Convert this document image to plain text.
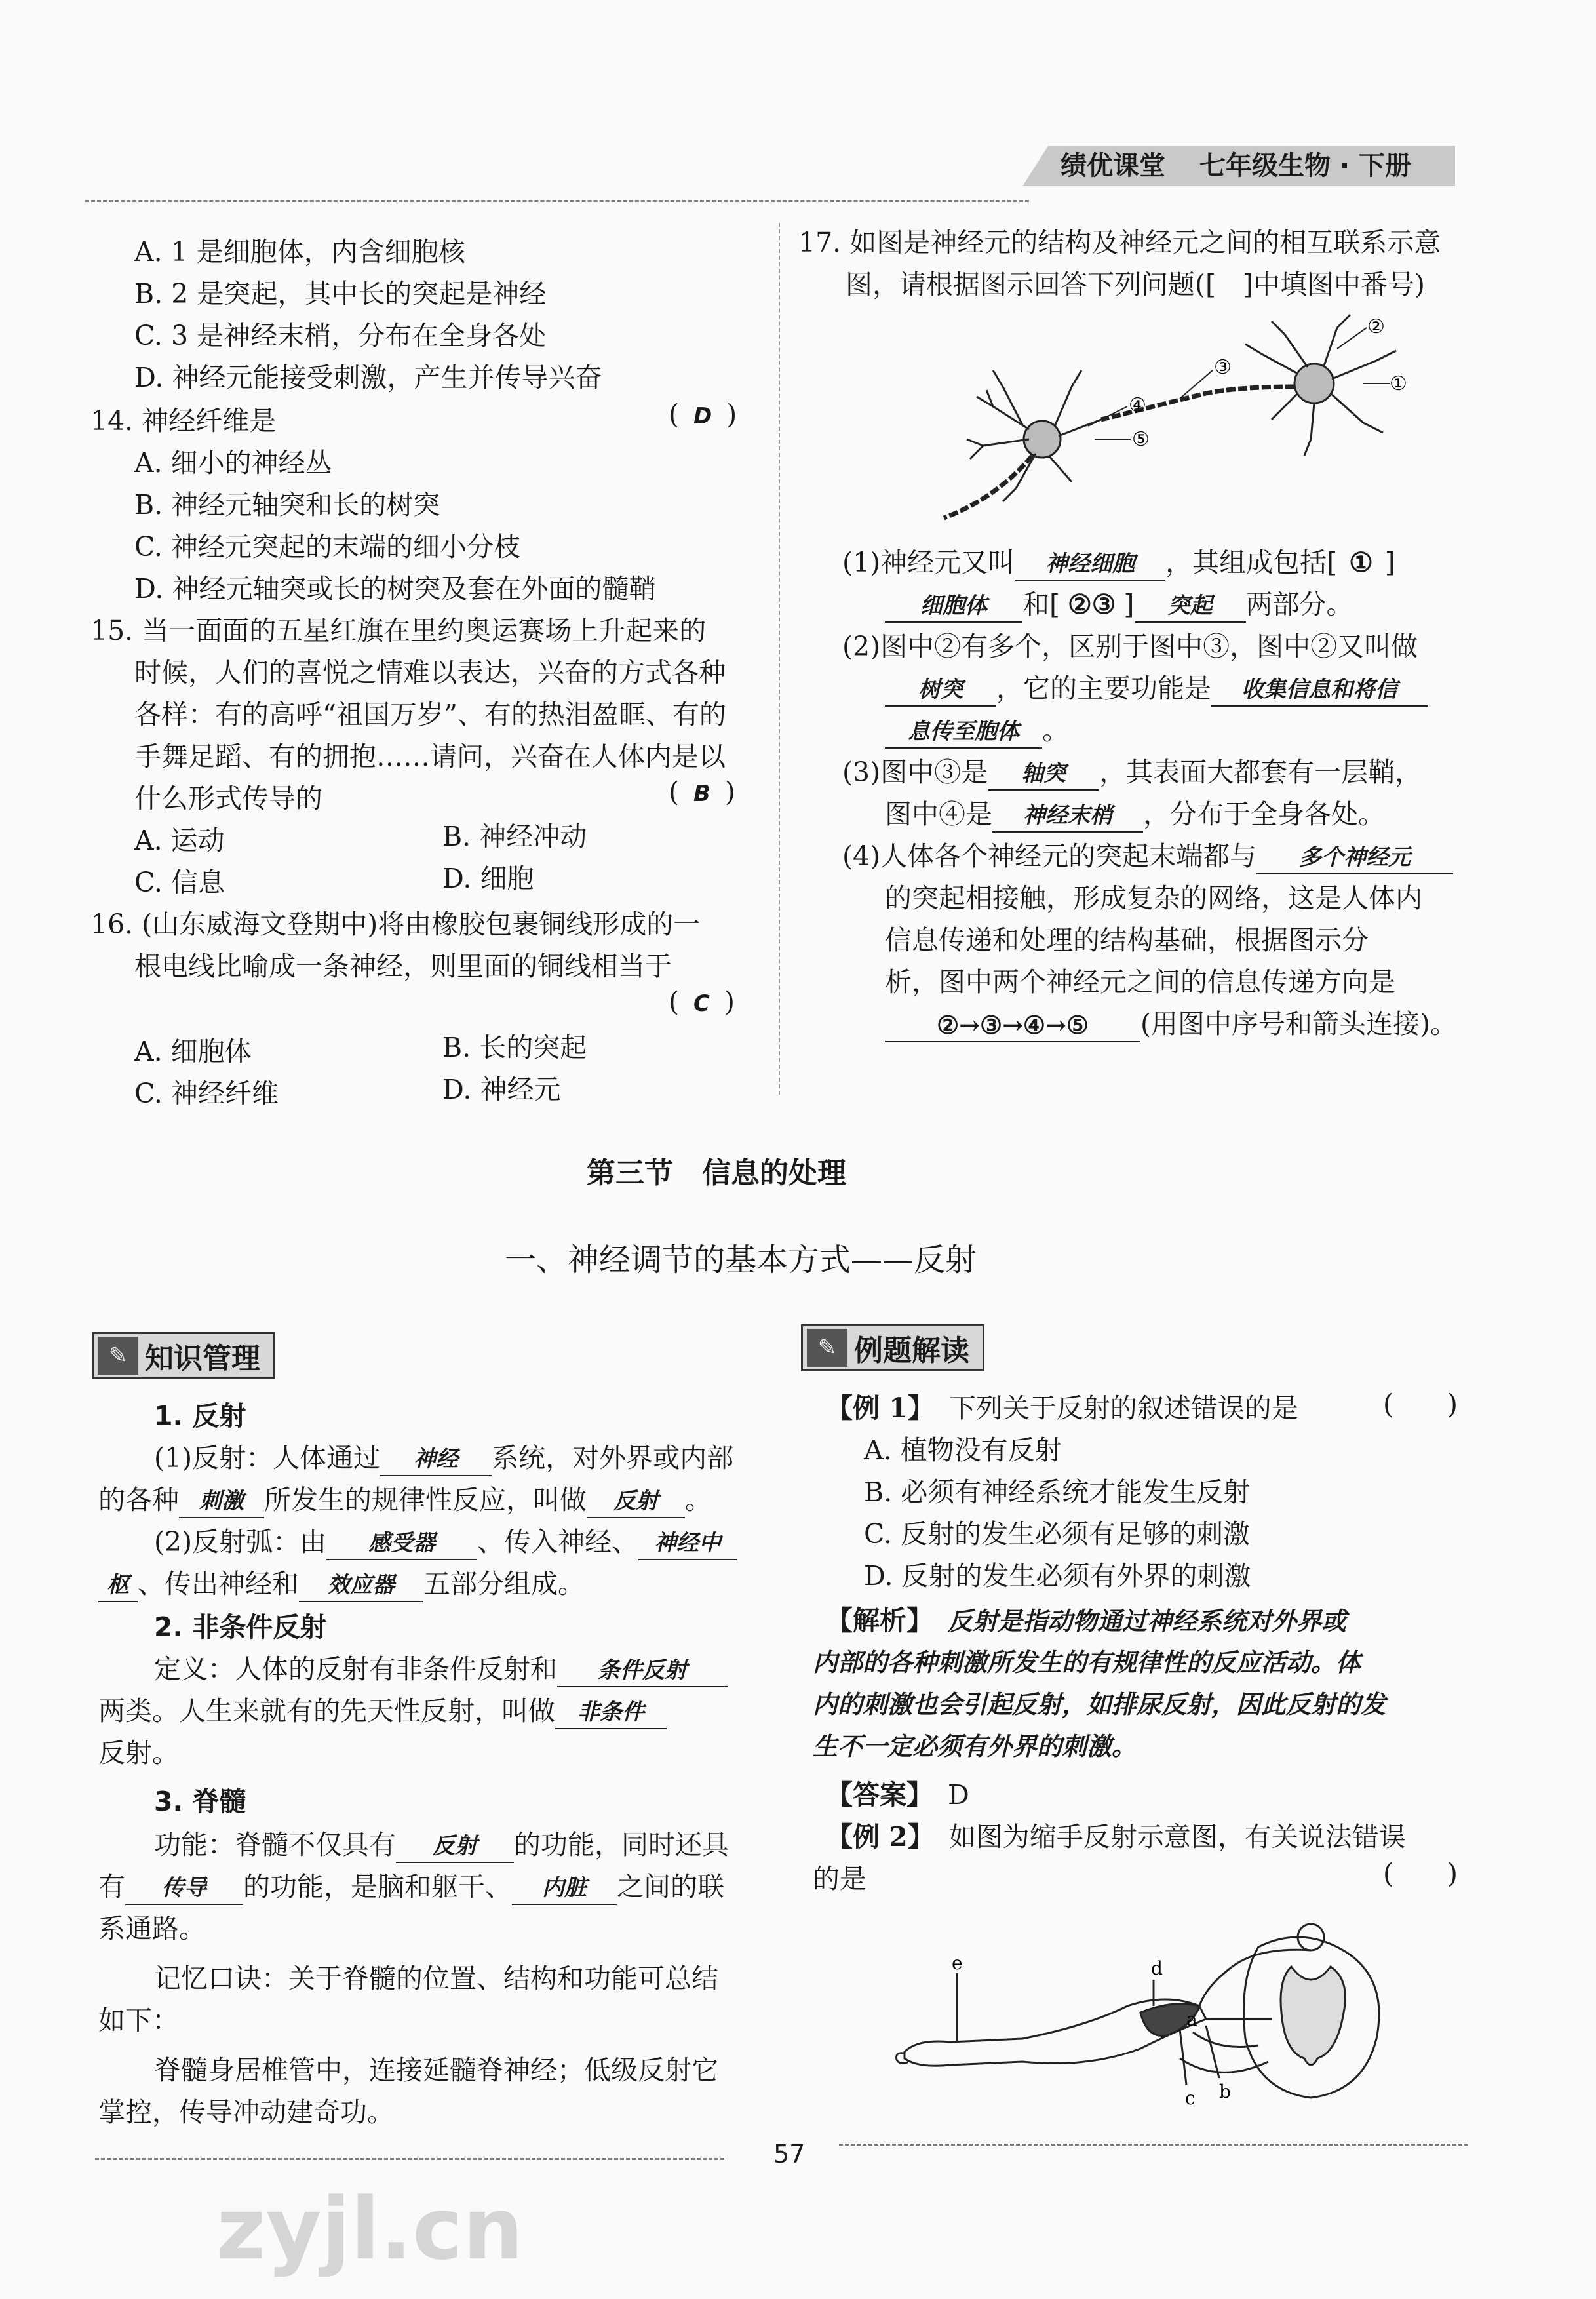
绩优课堂 七年级生物 · 下册
A. 1 是细胞体，内含细胞核
B. 2 是突起，其中长的突起是神经
C. 3 是神经末梢，分布在全身各处
D. 神经元能接受刺激，产生并传导兴奋
14. 神经纤维是	( D )
A. 细小的神经丛
B. 神经元轴突和长的树突
C. 神经元突起的末端的细小分枝
D. 神经元轴突或长的树突及套在外面的髓鞘
15. 当一面面的五星红旗在里约奥运赛场上升起来的
时候，人们的喜悦之情难以表达，兴奋的方式各种
各样：有的高呼“祖国万岁”、有的热泪盈眶、有的
手舞足蹈、有的拥抱……请问，兴奋在人体内是以
什么形式传导的	( B )
A. 运动	B. 神经冲动
C. 信息	D. 细胞
16. (山东威海文登期中)将由橡胶包裹铜线形成的一
根电线比喻成一条神经，则里面的铜线相当于
( C )
A. 细胞体	B. 长的突起
C. 神经纤维	D. 神经元
17. 如图是神经元的结构及神经元之间的相互联系示意
图，请根据图示回答下列问题([　]中填图中番号)
②
③
①
④
⑤
(1)神经元又叫 神经细胞 ，其组成包括[ ① ]
细胞体 和[ ②③ ] 突起 两部分。
(2)图中②有多个，区别于图中③，图中②又叫做
树突 ，它的主要功能是 收集信息和将信
息传至胞体 。
(3)图中③是 轴突 ，其表面大都套有一层鞘，
图中④是 神经末梢 ，分布于全身各处。
(4)人体各个神经元的突起末端都与 多个神经元
的突起相接触，形成复杂的网络，这是人体内
信息传递和处理的结构基础，根据图示分
析，图中两个神经元之间的信息传递方向是
②→③→④→⑤ (用图中序号和箭头连接)。
第三节　信息的处理
一、神经调节的基本方式——反射
✎ 知识管理
1. 反射
(1)反射：人体通过 神经 系统，对外界或内部
的各种 刺激 所发生的规律性反应，叫做 反射 。
(2)反射弧：由 感受器 、传入神经、 神经中
枢 、传出神经和 效应器 五部分组成。
2. 非条件反射
定义：人体的反射有非条件反射和 条件反射
两类。人生来就有的先天性反射，叫做 非条件
反射。
3. 脊髓
功能：脊髓不仅具有 反射 的功能，同时还具
有 传导 的功能，是脑和躯干、 内脏 之间的联
系通路。
记忆口诀：关于脊髓的位置、结构和功能可总结
如下：
脊髓身居椎管中，连接延髓脊神经；低级反射它
掌控，传导冲动建奇功。
✎ 例题解读
【例 1】 下列关于反射的叙述错误的是	(　　)
A. 植物没有反射
B. 必须有神经系统才能发生反射
C. 反射的发生必须有足够的刺激
D. 反射的发生必须有外界的刺激
【解析】 反射是指动物通过神经系统对外界或
内部的各种刺激所发生的有规律性的反应活动。体
内的刺激也会引起反射，如排尿反射，因此反射的发
生不一定必须有外界的刺激。
【答案】 D
【例 2】 如图为缩手反射示意图，有关说法错误
的是	(　　)
d
e
a
b
c
57
zyjl.cn
